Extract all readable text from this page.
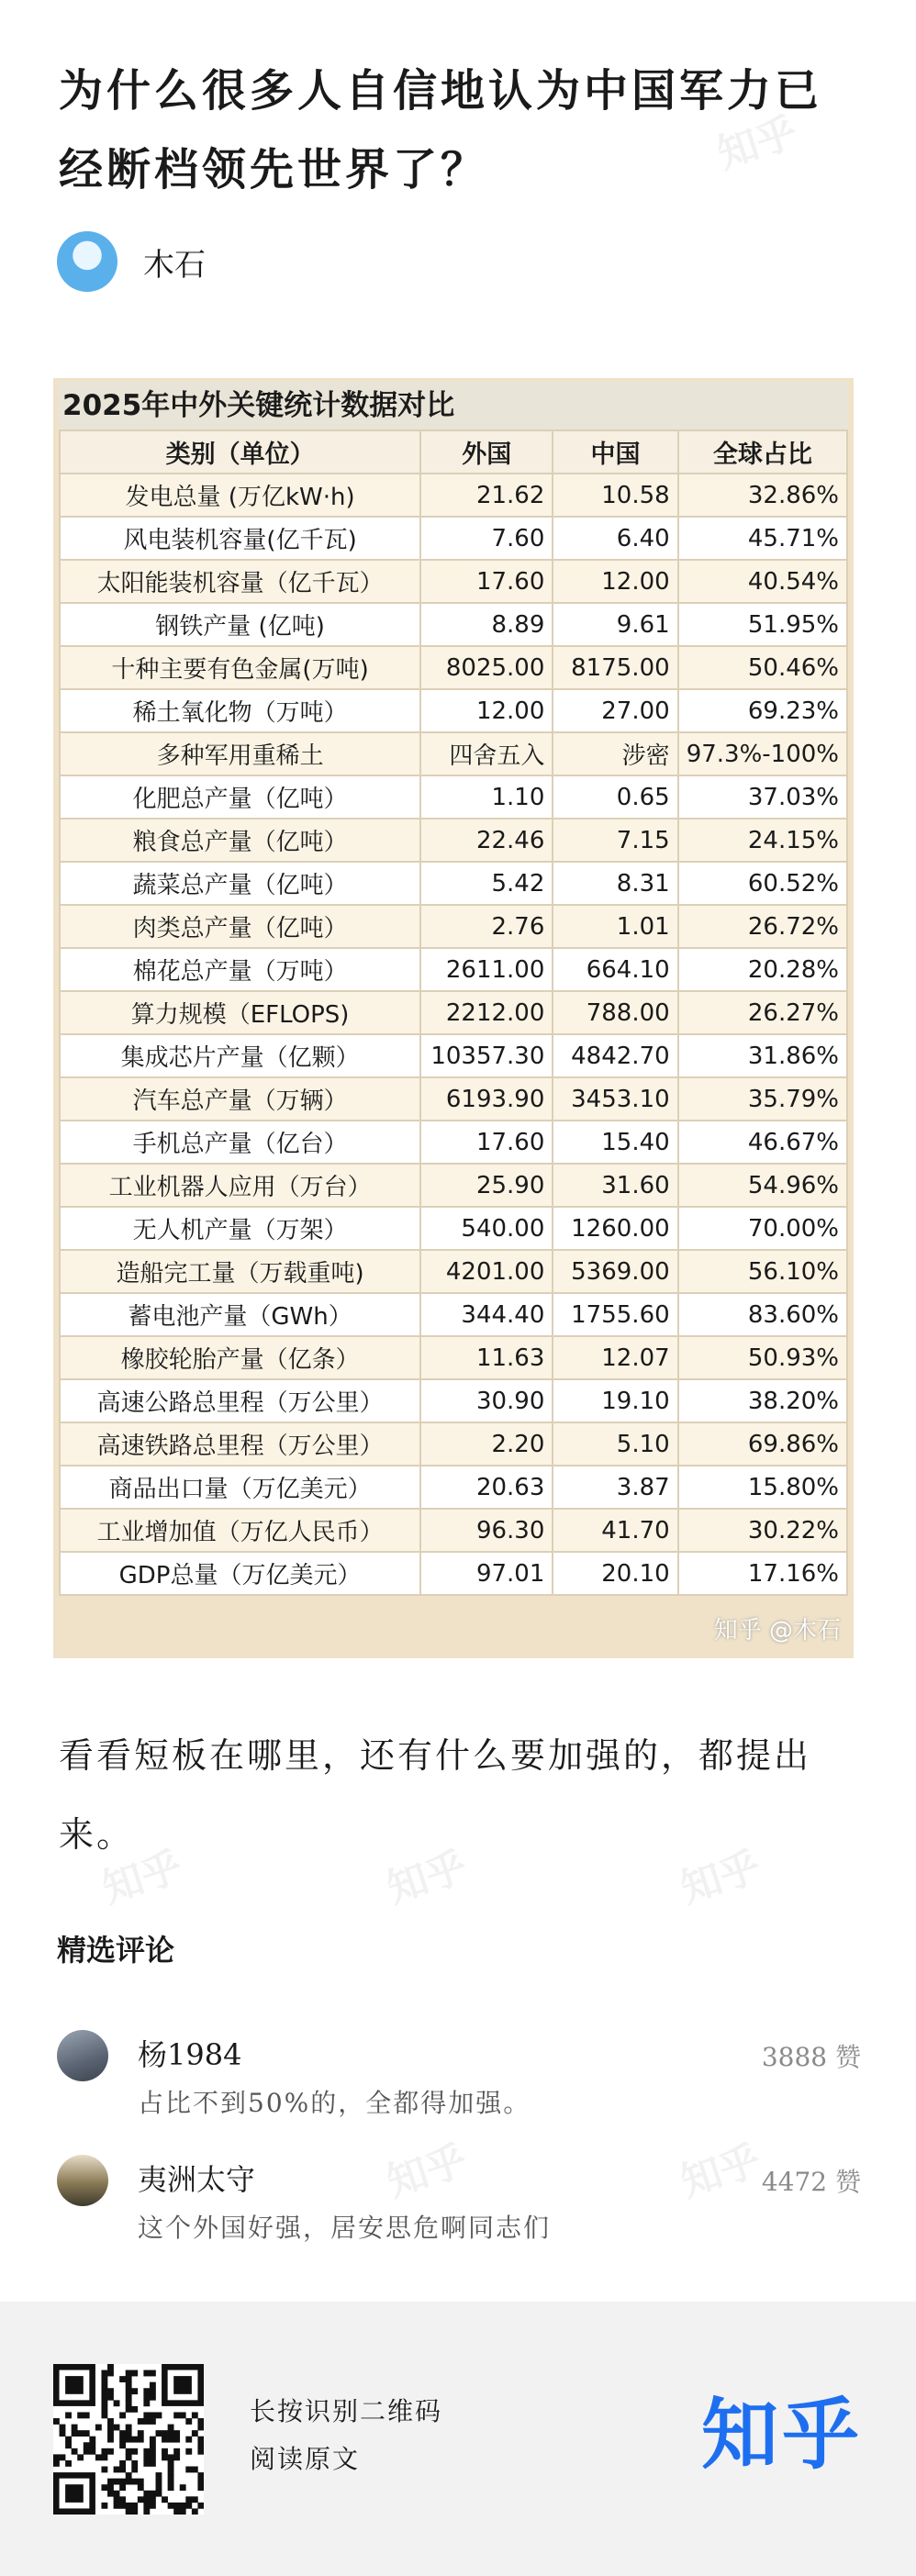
知乎
知乎	知乎	知乎
知乎	知乎
为什么很多人自信地认为中国军力已经断档领先世界了？
木石
2025年中外关键统计数据对比
类别（单位）	外国	中国	全球占比
发电总量 (万亿kW·h)	21.62	10.58	32.86%
风电装机容量(亿千瓦)	7.60	6.40	45.71%
太阳能装机容量（亿千瓦）	17.60	12.00	40.54%
钢铁产量 (亿吨)	8.89	9.61	51.95%
十种主要有色金属(万吨)	8025.00	8175.00	50.46%
稀土氧化物（万吨）	12.00	27.00	69.23%
多种军用重稀土	四舍五入	涉密	97.3%-100%
化肥总产量（亿吨）	1.10	0.65	37.03%
粮食总产量（亿吨）	22.46	7.15	24.15%
蔬菜总产量（亿吨）	5.42	8.31	60.52%
肉类总产量（亿吨）	2.76	1.01	26.72%
棉花总产量（万吨）	2611.00	664.10	20.28%
算力规模（EFLOPS)	2212.00	788.00	26.27%
集成芯片产量（亿颗）	10357.30	4842.70	31.86%
汽车总产量（万辆）	6193.90	3453.10	35.79%
手机总产量（亿台）	17.60	15.40	46.67%
工业机器人应用（万台）	25.90	31.60	54.96%
无人机产量（万架）	540.00	1260.00	70.00%
造船完工量（万载重吨)	4201.00	5369.00	56.10%
蓄电池产量（GWh）	344.40	1755.60	83.60%
橡胶轮胎产量（亿条）	11.63	12.07	50.93%
高速公路总里程（万公里）	30.90	19.10	38.20%
高速铁路总里程（万公里）	2.20	5.10	69.86%
商品出口量（万亿美元）	20.63	3.87	15.80%
工业增加值（万亿人民币）	96.30	41.70	30.22%
GDP总量（万亿美元）	97.01	20.10	17.16%
知乎 @木石

看看短板在哪里，还有什么要加强的，都提出来。

精选评论
杨1984	3888 赞
占比不到50%的，全都得加强。
夷洲太守	4472 赞
这个外国好强，居安思危啊同志们
长按识别二维码
阅读原文	知乎
